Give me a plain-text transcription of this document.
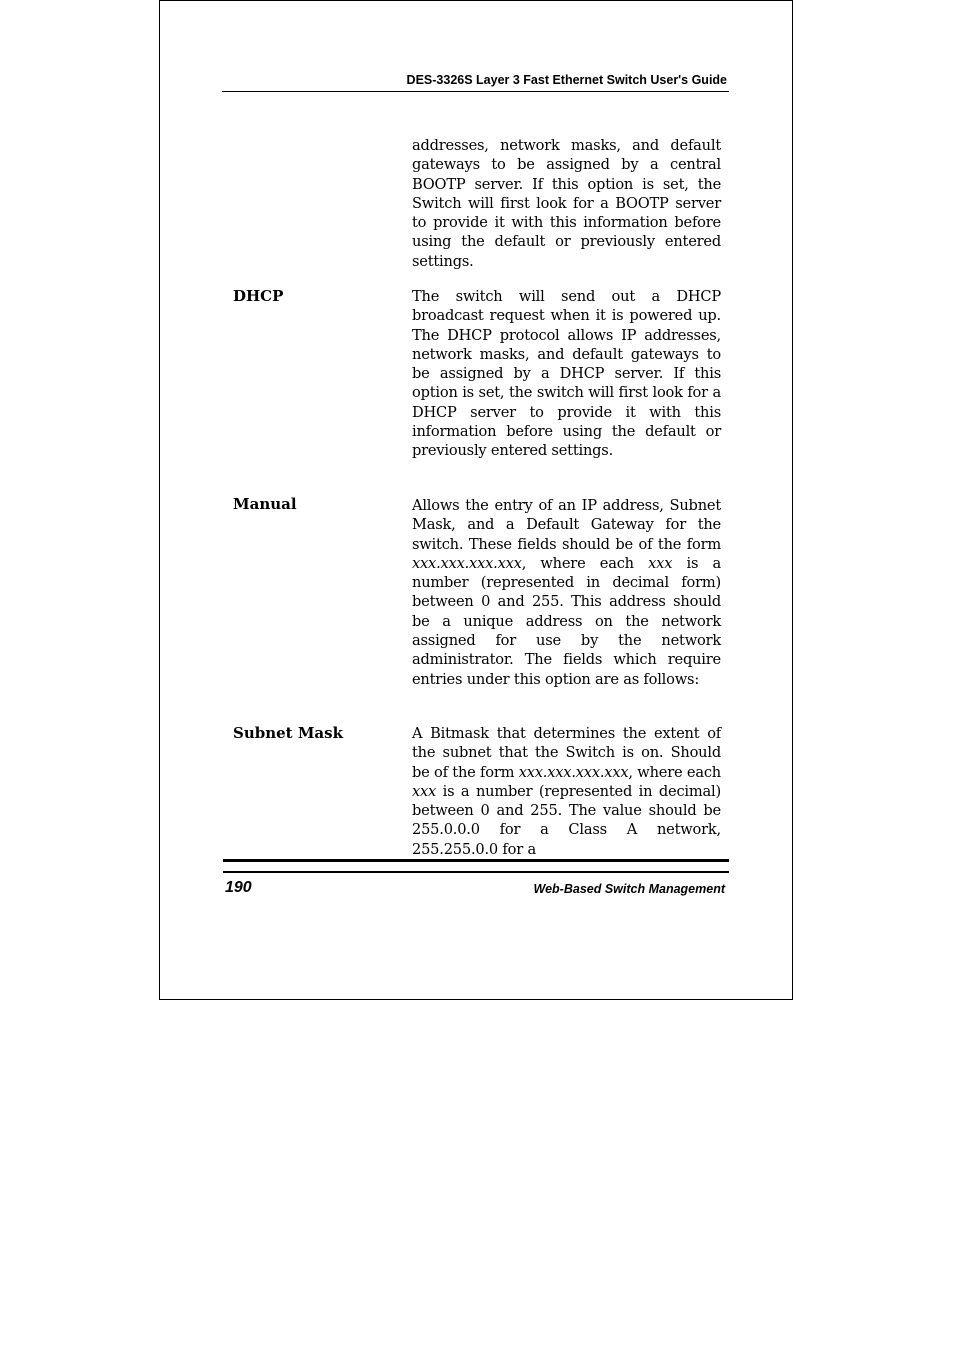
DES-3326S Layer 3 Fast Ethernet Switch User's Guide
addresses, network masks, and default gateways to be assigned by a central BOOTP server. If this option is set, the Switch will first look for a BOOTP server to provide it with this information before using the default or previously entered settings.
DHCP	The switch will send out a DHCP broadcast request when it is powered up. The DHCP protocol allows IP addresses, network masks, and default gateways to be assigned by a DHCP server. If this option is set, the switch will first look for a DHCP server to provide it with this information before using the default or previously entered settings.
Manual	Allows the entry of an IP address, Subnet Mask, and a Default Gateway for the switch. These fields should be of the form xxx.xxx.xxx.xxx, where each xxx is a number (represented in decimal form) between 0 and 255. This address should be a unique address on the network assigned for use by the network administrator. The fields which require entries under this option are as follows:
Subnet Mask	A Bitmask that determines the extent of the subnet that the Switch is on. Should be of the form xxx.xxx.xxx.xxx, where each xxx is a number (represented in decimal) between 0 and 255. The value should be 255.0.0.0 for a Class A network, 255.255.0.0 for a
190	Web-Based Switch Management
